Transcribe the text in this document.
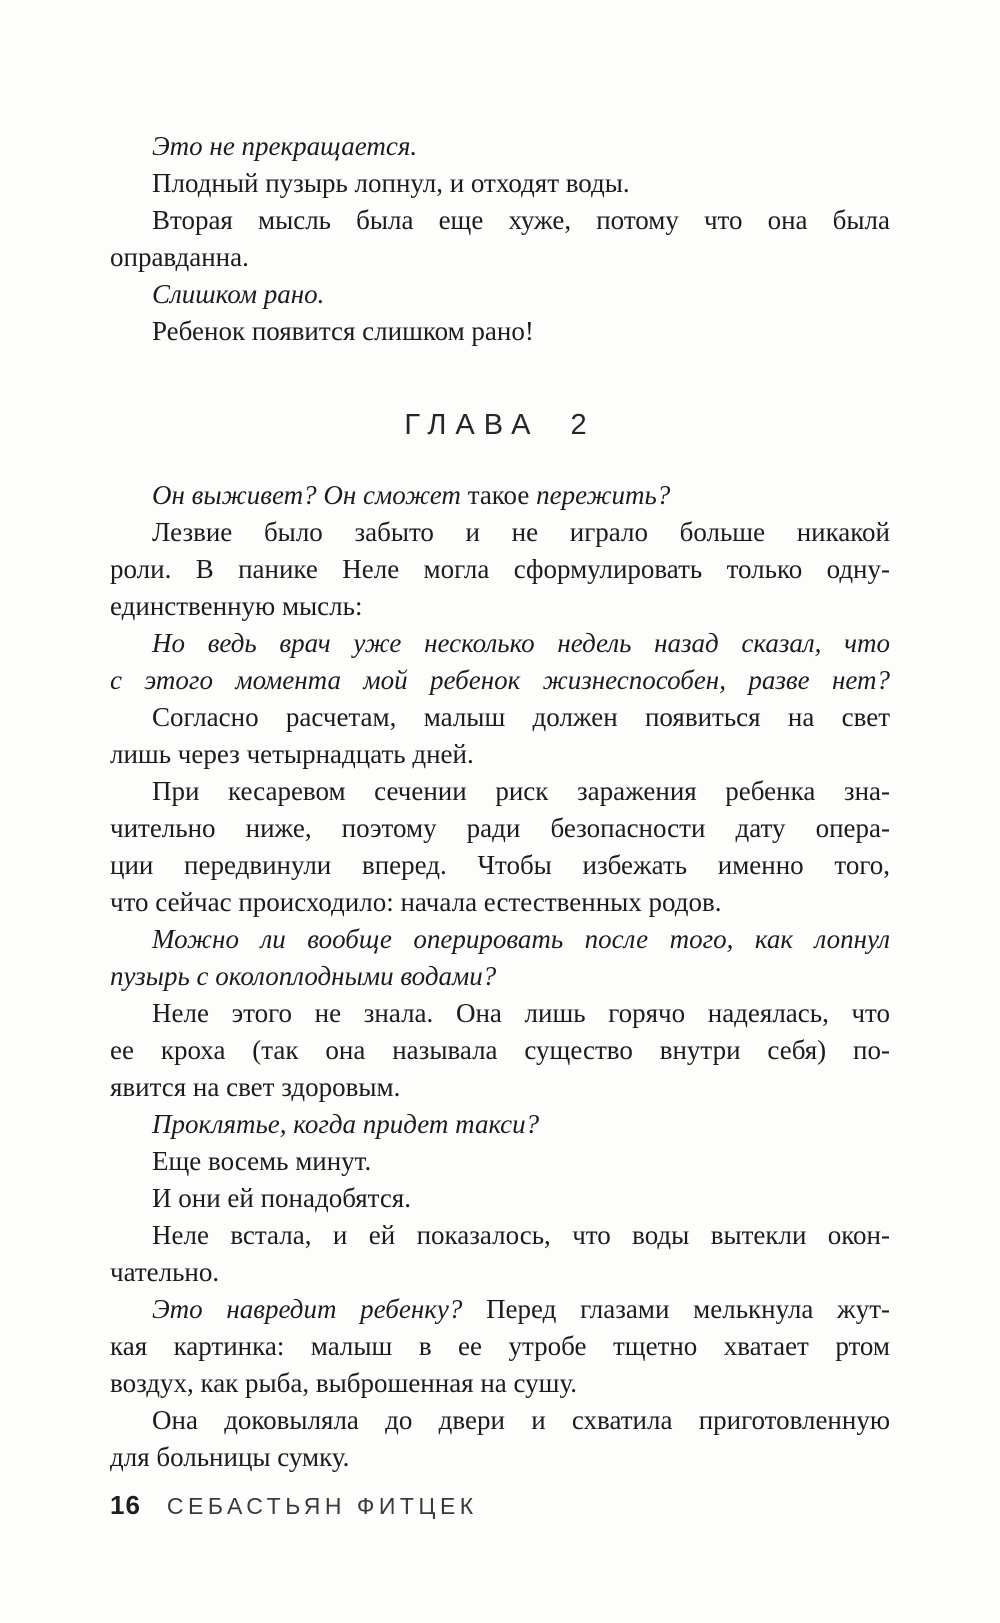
Это не прекращается.
Плодный пузырь лопнул, и отходят воды.
Вторая мысль была еще хуже, потому что она была
оправданна.
Слишком рано.
Ребенок появится слишком рано!
ГЛАВА 2
Он выживет? Он сможет такое пережить?
Лезвие было забыто и не играло больше никакой
роли. В панике Неле могла сформулировать только одну-
единственную мысль:
Но ведь врач уже несколько недель назад сказал, что
с этого момента мой ребенок жизнеспособен, разве нет?
Согласно расчетам, малыш должен появиться на свет
лишь через четырнадцать дней.
При кесаревом сечении риск заражения ребенка зна-
чительно ниже, поэтому ради безопасности дату опера-
ции передвинули вперед. Чтобы избежать именно того,
что сейчас происходило: начала естественных родов.
Можно ли вообще оперировать после того, как лопнул
пузырь с околоплодными водами?
Неле этого не знала. Она лишь горячо надеялась, что
ее кроха (так она называла существо внутри себя) по-
явится на свет здоровым.
Проклятье, когда придет такси?
Еще восемь минут.
И они ей понадобятся.
Неле встала, и ей показалось, что воды вытекли окон-
чательно.
Это навредит ребенку? Перед глазами мелькнула жут-
кая картинка: малыш в ее утробе тщетно хватает ртом
воздух, как рыба, выброшенная на сушу.
Она доковыляла до двери и схватила приготовленную
для больницы сумку.
16 СЕБАСТЬЯН ФИТЦЕК
